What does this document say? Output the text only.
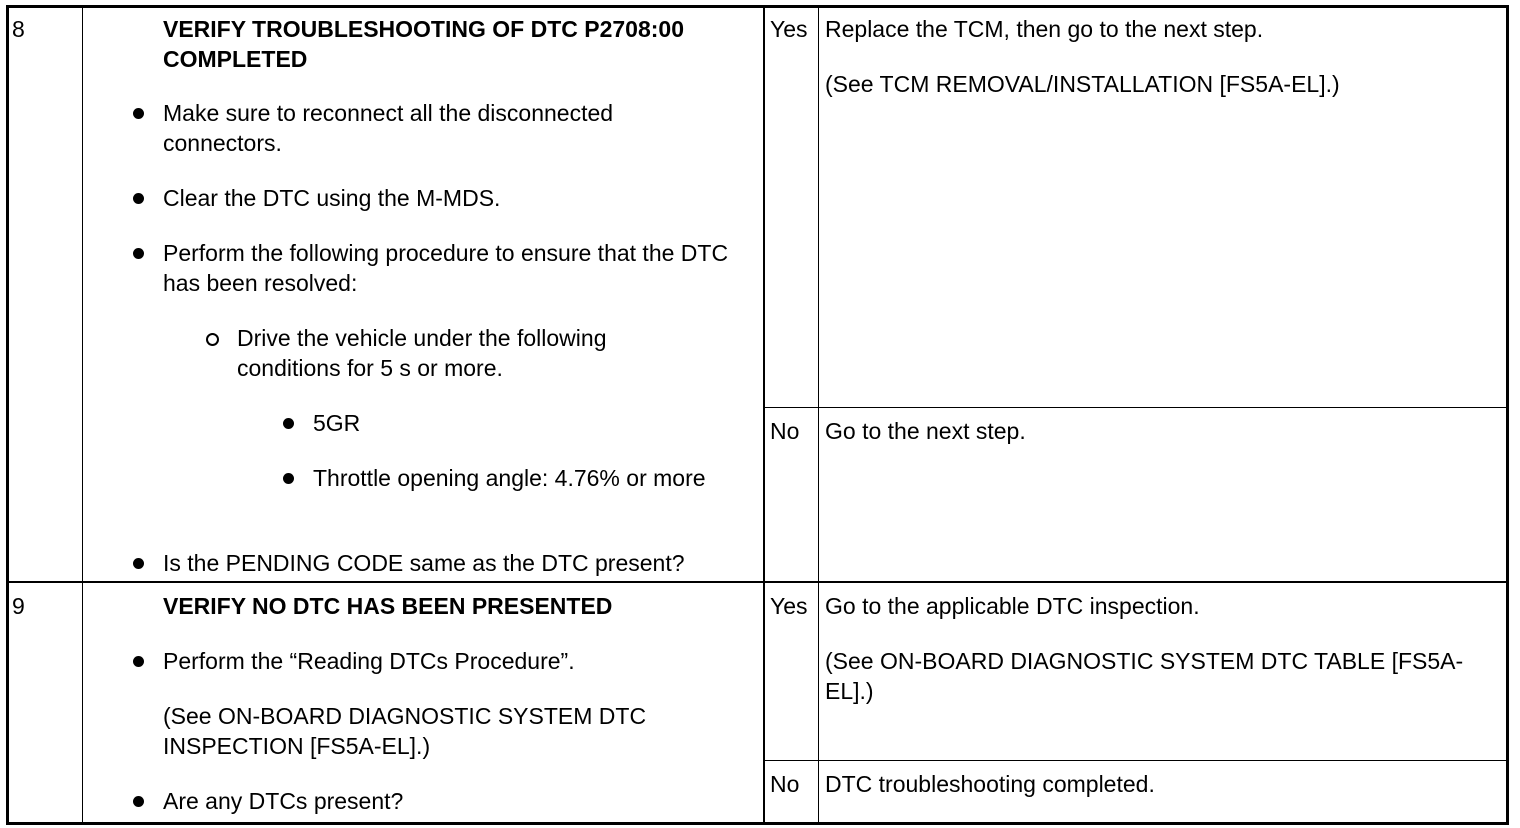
8	VERIFY TROUBLESHOOTING OF DTC P2708:00 COMPLETED
Make sure to reconnect all the disconnected connectors.
Clear the DTC using the M-MDS.
Perform the following procedure to ensure that the DTC has been resolved:
Drive the vehicle under the following conditions for 5 s or more.
5GR
Throttle opening angle: 4.76% or more
Is the PENDING CODE same as the DTC present?
Yes Replace the TCM, then go to the next step.
(See TCM REMOVAL/INSTALLATION [FS5A-EL].)
No Go to the next step.
9	VERIFY NO DTC HAS BEEN PRESENTED
Perform the “Reading DTCs Procedure”.
(See ON-BOARD DIAGNOSTIC SYSTEM DTC INSPECTION [FS5A-EL].)
Are any DTCs present?
Yes Go to the applicable DTC inspection.
(See ON-BOARD DIAGNOSTIC SYSTEM DTC TABLE [FS5A-EL].)
No DTC troubleshooting completed.
